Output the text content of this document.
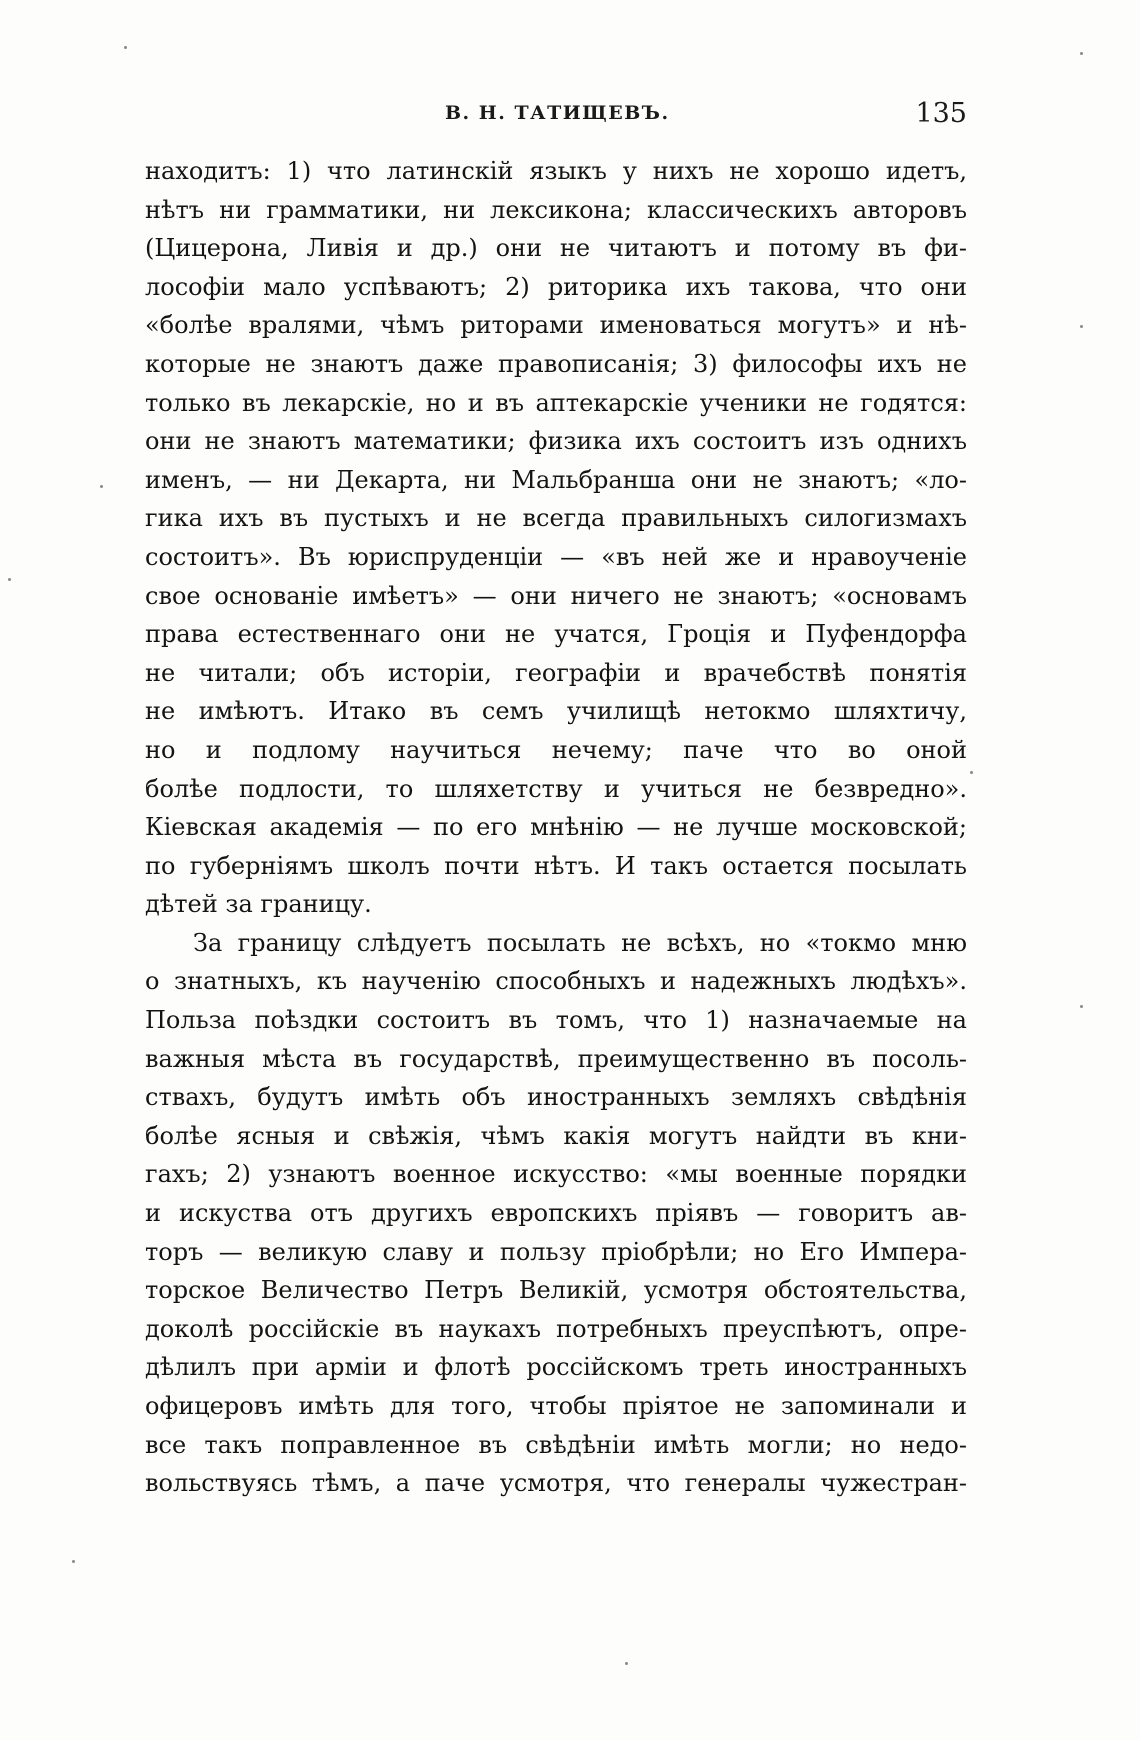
В. Н. ТАТИЩЕВЪ.	135
находитъ: 1) что латинскій языкъ у нихъ не хорошо идетъ,
нѣтъ ни грамматики, ни лексикона; классическихъ авторовъ
(Цицерона, Ливія и др.) они не читаютъ и потому въ фи-
лософіи мало успѣваютъ; 2) риторика ихъ такова, что они
«болѣе вралями, чѣмъ риторами именоваться могутъ» и нѣ-
которые не знаютъ даже правописанія; 3) философы ихъ не
только въ лекарскіе, но и въ аптекарскіе ученики не годятся:
они не знаютъ математики; физика ихъ состоитъ изъ однихъ
именъ, — ни Декарта, ни Мальбранша они не знаютъ; «ло-
гика ихъ въ пустыхъ и не всегда правильныхъ силогизмахъ
состоитъ». Въ юриспруденціи — «въ ней же и нравоученіе
свое основаніе имѣетъ» — они ничего не знаютъ; «основамъ
права естественнаго они не учатся, Гроція и Пуфендорфа
не читали; объ исторіи, географіи и врачебствѣ понятія
не имѣютъ. Итако въ семъ училищѣ нетокмо шляхтичу,
но и подлому научиться нечему; паче что во оной
болѣе подлости, то шляхетству и учиться не безвредно».
Кіевская академія — по его мнѣнію — не лучше московской;
по губерніямъ школъ почти нѣтъ. И такъ остается посылать
дѣтей за границу.
За границу слѣдуетъ посылать не всѣхъ, но «токмо мню
о знатныхъ, къ наученію способныхъ и надежныхъ людѣхъ».
Польза поѣздки состоитъ въ томъ, что 1) назначаемые на
важныя мѣста въ государствѣ, преимущественно въ посоль-
ствахъ, будутъ имѣть объ иностранныхъ земляхъ свѣдѣнія
болѣе ясныя и свѣжія, чѣмъ какія могутъ найдти въ кни-
гахъ; 2) узнаютъ военное искусство: «мы военные порядки
и искуства отъ другихъ европскихъ пріявъ — говоритъ ав-
торъ — великую славу и пользу пріобрѣли; но Его Импера-
торское Величество Петръ Великій, усмотря обстоятельства,
доколѣ россійскіе въ наукахъ потребныхъ преуспѣютъ, опре-
дѣлилъ при арміи и флотѣ россійскомъ треть иностранныхъ
офицеровъ имѣть для того, чтобы пріятое не запоминали и
все такъ поправленное въ свѣдѣніи имѣть могли; но недо-
вольствуясь тѣмъ, а паче усмотря, что генералы чужестран-
